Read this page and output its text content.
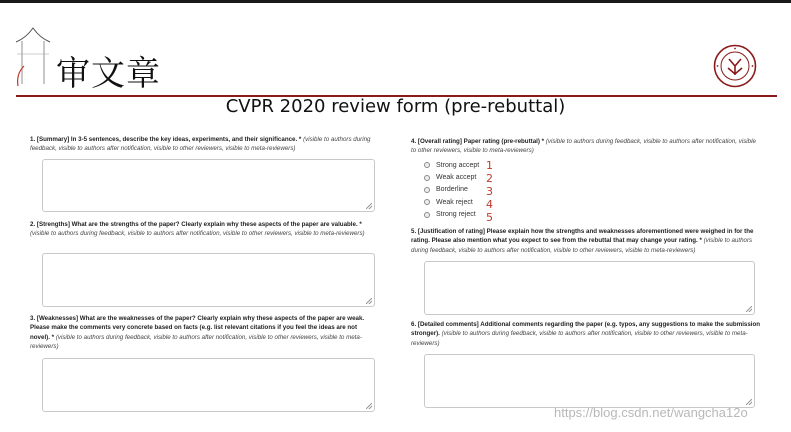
审文章
CVPR 2020 review form (pre-rebuttal)
1. [Summary] In 3-5 sentences, describe the key ideas, experiments, and their significance. * (visible to authors during feedback, visible to authors after notification, visible to other reviewers, visible to meta-reviewers)
2. [Strengths] What are the strengths of the paper? Clearly explain why these aspects of the paper are valuable. * (visible to authors during feedback, visible to authors after notification, visible to other reviewers, visible to meta-reviewers)
3. [Weaknesses] What are the weaknesses of the paper? Clearly explain why these aspects of the paper are weak. Please make the comments very concrete based on facts (e.g. list relevant citations if you feel the ideas are not novel). * (visible to authors during feedback, visible to authors after notification, visible to other reviewers, visible to meta-reviewers)
4. [Overall rating] Paper rating (pre-rebuttal) * (visible to authors during feedback, visible to authors after notification, visible to other reviewers, visible to meta-reviewers)
Strong accept
Weak accept
Borderline
Weak reject
Strong reject
1
2
3
4
5
5. [Justification of rating] Please explain how the strengths and weaknesses aforementioned were weighed in for the rating. Please also mention what you expect to see from the rebuttal that may change your rating. * (visible to authors during feedback, visible to authors after notification, visible to other reviewers, visible to meta-reviewers)
6. [Detailed comments] Additional comments regarding the paper (e.g. typos, any suggestions to make the submission stronger). (visible to authors during feedback, visible to authors after notification, visible to other reviewers, visible to meta-reviewers)
https://blog.csdn.net/wangcha12o
